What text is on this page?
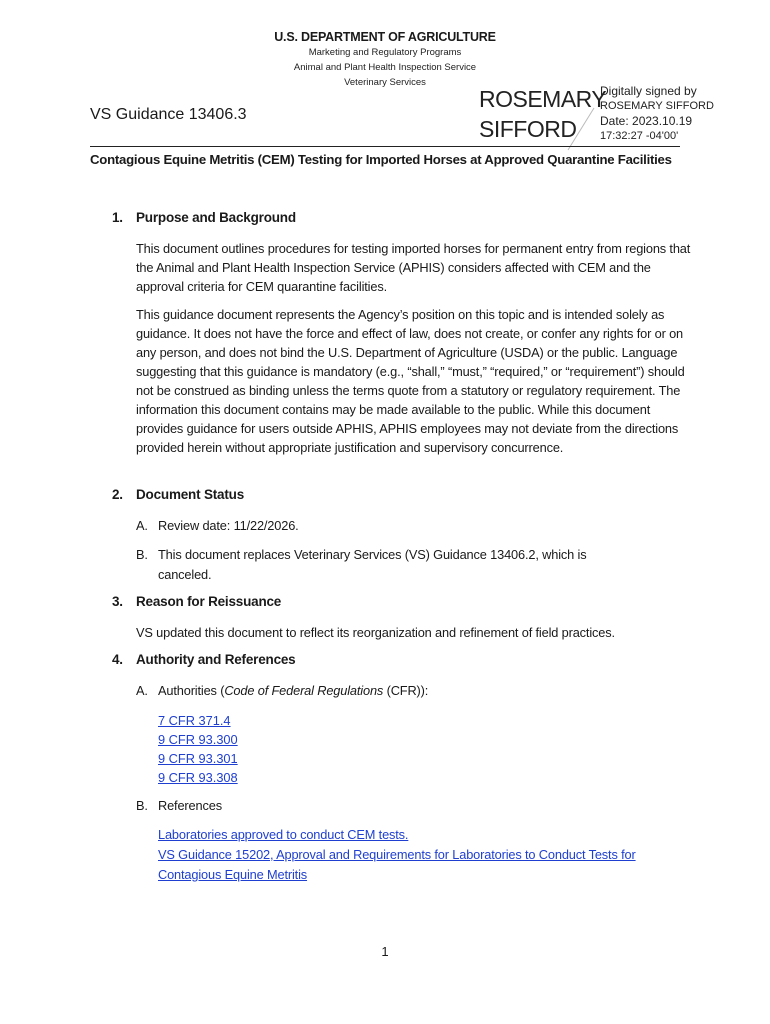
U.S. DEPARTMENT OF AGRICULTURE
Marketing and Regulatory Programs
Animal and Plant Health Inspection Service
Veterinary Services
VS Guidance 13406.3
ROSEMARY
SIFFORD
Digitally signed by
ROSEMARY SIFFORD
Date: 2023.10.19
17:32:27 -04'00'
Contagious Equine Metritis (CEM) Testing for Imported Horses at Approved Quarantine Facilities
1. Purpose and Background
This document outlines procedures for testing imported horses for permanent entry from regions that the Animal and Plant Health Inspection Service (APHIS) considers affected with CEM and the approval criteria for CEM quarantine facilities.
This guidance document represents the Agency’s position on this topic and is intended solely as guidance. It does not have the force and effect of law, does not create, or confer any rights for or on any person, and does not bind the U.S. Department of Agriculture (USDA) or the public. Language suggesting that this guidance is mandatory (e.g., “shall,” “must,” “required,” or “requirement”) should not be construed as binding unless the terms quote from a statutory or regulatory requirement. The information this document contains may be made available to the public. While this document provides guidance for users outside APHIS, APHIS employees may not deviate from the directions provided herein without appropriate justification and supervisory concurrence.
2. Document Status
A. Review date: 11/22/2026.
B. This document replaces Veterinary Services (VS) Guidance 13406.2, which is canceled.
3. Reason for Reissuance
VS updated this document to reflect its reorganization and refinement of field practices.
4. Authority and References
A. Authorities (Code of Federal Regulations (CFR)):
7 CFR 371.4
9 CFR 93.300
9 CFR 93.301
9 CFR 93.308
B. References
Laboratories approved to conduct CEM tests.
VS Guidance 15202, Approval and Requirements for Laboratories to Conduct Tests for Contagious Equine Metritis
1
